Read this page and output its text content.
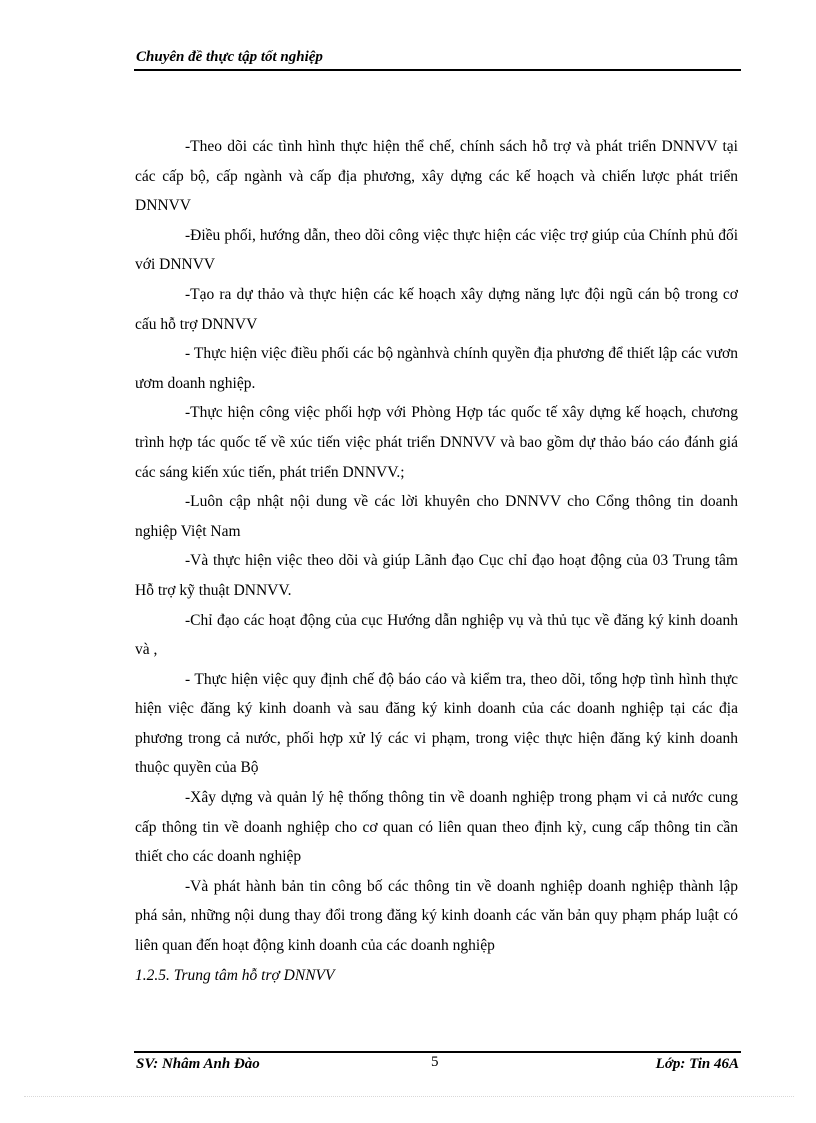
Chuyên đề thực tập tốt nghiệp

-Theo dõi các tình hình thực hiện thể chế, chính sách hỗ trợ và phát triển DNNVV tại các cấp bộ, cấp ngành và cấp địa phương, xây dựng các kế hoạch và chiến lược phát triển DNNVV

-Điều phối, hướng dẫn, theo dõi công việc thực hiện các việc trợ giúp của Chính phủ đối với DNNVV

-Tạo ra dự thảo và thực hiện các kế hoạch xây dựng năng lực đội ngũ cán bộ trong cơ cấu hỗ trợ DNNVV

- Thực hiện việc điều phối các bộ ngànhvà chính quyền địa phương để thiết lập các vươn ươm doanh nghiệp.

-Thực hiện công việc phối hợp với Phòng Hợp tác quốc tế xây dựng kế hoạch, chương trình hợp tác quốc tế về xúc tiến việc phát triển DNNVV và bao gồm dự thảo báo cáo đánh giá các sáng kiến xúc tiến, phát triển DNNVV.;

-Luôn cập nhật nội dung về các lời khuyên cho DNNVV cho Cổng thông tin doanh nghiệp Việt Nam

-Và thực hiện việc theo dõi và giúp Lãnh đạo Cục chỉ đạo hoạt động của 03 Trung tâm Hỗ trợ kỹ thuật DNNVV.

-Chỉ đạo các hoạt động của cục Hướng dẫn nghiệp vụ và thủ tục về đăng ký kinh doanh và ,

- Thực hiện việc quy định chế độ báo cáo và kiểm tra, theo dõi, tổng hợp tình hình thực hiện việc đăng ký kinh doanh và sau đăng ký kinh doanh của các doanh nghiệp tại các địa phương trong cả nước, phối hợp xử lý các vi phạm, trong việc thực hiện đăng ký kinh doanh thuộc quyền của Bộ

-Xây dựng và quản lý hệ thống thông tin về doanh nghiệp trong phạm vi cả nước cung cấp thông tin về doanh nghiệp cho cơ quan có liên quan theo định kỳ, cung cấp thông tin cần thiết cho các doanh nghiệp

-Và phát hành bản tin công bố các thông tin về doanh nghiệp doanh nghiệp thành lập phá sản, những nội dung thay đổi trong đăng ký kinh doanh các văn bản quy phạm pháp luật có liên quan đến hoạt động kinh doanh của các doanh nghiệp

1.2.5. Trung tâm hỗ trợ DNNVV
SV: Nhâm Anh Đào	5	Lớp: Tin 46A
